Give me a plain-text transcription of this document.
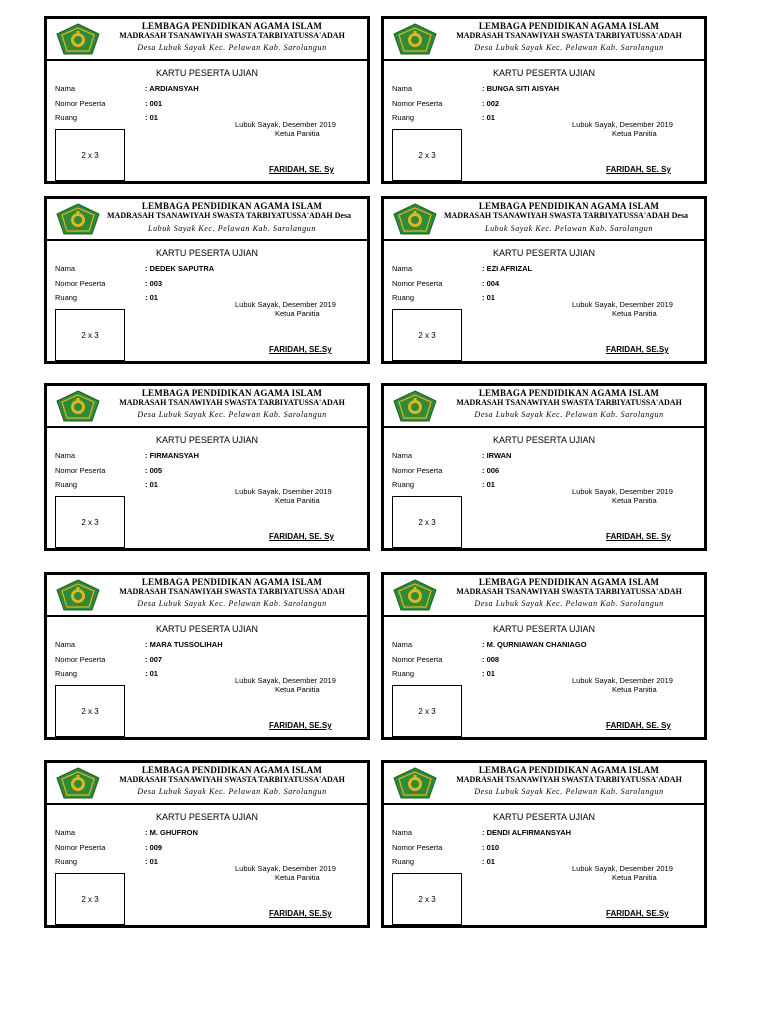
LEMBAGA PENDIDIKAN AGAMA ISLAM
MADRASAH TSANAWIYAH SWASTA TARBIYATUSSA'ADAH
Desa Lubuk Sayak Kec. Pelawan Kab. Sarolangun
KARTU PESERTA UJIAN
Nama	: ARDIANSYAH
Nomor Peserta	: 001
Ruang	: 01
2 x 3
Lubuk Sayak, Desember 2019
Ketua Panitia
FARIDAH, SE. Sy
LEMBAGA PENDIDIKAN AGAMA ISLAM
MADRASAH TSANAWIYAH SWASTA TARBIYATUSSA'ADAH
Desa Lubuk Sayak Kec. Pelawan Kab. Sarolangun
KARTU PESERTA UJIAN
Nama	: BUNGA SITI AISYAH
Nomor Peserta	: 002
Ruang	: 01
2 x 3
Lubuk Sayak, Desember 2019
Ketua Panitia
FARIDAH, SE. Sy
LEMBAGA PENDIDIKAN AGAMA ISLAM
MADRASAH TSANAWIYAH SWASTA TARBIYATUSSA'ADAH Desa
Lubuk Sayak Kec. Pelawan Kab. Sarolangun
KARTU PESERTA UJIAN
Nama	: DEDEK SAPUTRA
Nomor Peserta	: 003
Ruang	: 01
2 x 3
Lubuk Sayak, Desember 2019
Ketua Panitia
FARIDAH, SE.Sy
LEMBAGA PENDIDIKAN AGAMA ISLAM
MADRASAH TSANAWIYAH SWASTA TARBIYATUSSA'ADAH Desa
Lubuk Sayak Kec. Pelawan Kab. Sarolangun
KARTU PESERTA UJIAN
Nama	: EZI AFRIZAL
Nomor Peserta	: 004
Ruang	: 01
2 x 3
Lubuk Sayak, Desember 2019
Ketua Panitia
FARIDAH, SE.Sy
LEMBAGA PENDIDIKAN AGAMA ISLAM
MADRASAH TSANAWIYAH SWASTA TARBIYATUSSA'ADAH
Desa Lubuk Sayak Kec. Pelawan Kab. Sarolangun
KARTU PESERTA UJIAN
Nama	: FIRMANSYAH
Nomor Peserta	: 005
Ruang	: 01
2 x 3
Lubuk Sayak, Dsember 2019
Ketua Panitia
FARIDAH, SE. Sy
LEMBAGA PENDIDIKAN AGAMA ISLAM
MADRASAH TSANAWIYAH SWASTA TARBIYATUSSA'ADAH
Desa Lubuk Sayak Kec. Pelawan Kab. Sarolangun
KARTU PESERTA UJIAN
Nama	: IRWAN
Nomor Peserta	: 006
Ruang	: 01
2 x 3
Lubuk Sayak, Desember 2019
Ketua Panitia
FARIDAH, SE. Sy
LEMBAGA PENDIDIKAN AGAMA ISLAM
MADRASAH TSANAWIYAH SWASTA TARBIYATUSSA'ADAH
Desa Lubuk Sayak Kec. Pelawan Kab. Sarolangun
KARTU PESERTA UJIAN
Nama	: MARA TUSSOLIHAH
Nomor Peserta	: 007
Ruang	: 01
2 x 3
Lubuk Sayak, Desember 2019
Ketua Panitia
FARIDAH, SE.Sy
LEMBAGA PENDIDIKAN AGAMA ISLAM
MADRASAH TSANAWIYAH SWASTA TARBIYATUSSA'ADAH
Desa Lubuk Sayak Kec. Pelawan Kab. Sarolangun
KARTU PESERTA UJIAN
Nama	: M. QURNIAWAN CHANIAGO
Nomor Peserta	: 008
Ruang	: 01
2 x 3
Lubuk Sayak, Desember 2019
Ketua Panitia
FARIDAH, SE. Sy
LEMBAGA PENDIDIKAN AGAMA ISLAM
MADRASAH TSANAWIYAH SWASTA TARBIYATUSSA'ADAH
Desa Lubuk Sayak Kec. Pelawan Kab. Sarolangun
KARTU PESERTA UJIAN
Nama	: M. GHUFRON
Nomor Peserta	: 009
Ruang	: 01
2 x 3
Lubuk Sayak, Desember 2019
Ketua Panitia
FARIDAH, SE.Sy
LEMBAGA PENDIDIKAN AGAMA ISLAM
MADRASAH TSANAWIYAH SWASTA TARBIYATUSSA'ADAH
Desa Lubuk Sayak Kec. Pelawan Kab. Sarolangun
KARTU PESERTA UJIAN
Nama	: DENDI ALFIRMANSYAH
Nomor Peserta	: 010
Ruang	: 01
2 x 3
Lubuk Sayak, Desember 2019
Ketua Panitia
FARIDAH, SE.Sy
